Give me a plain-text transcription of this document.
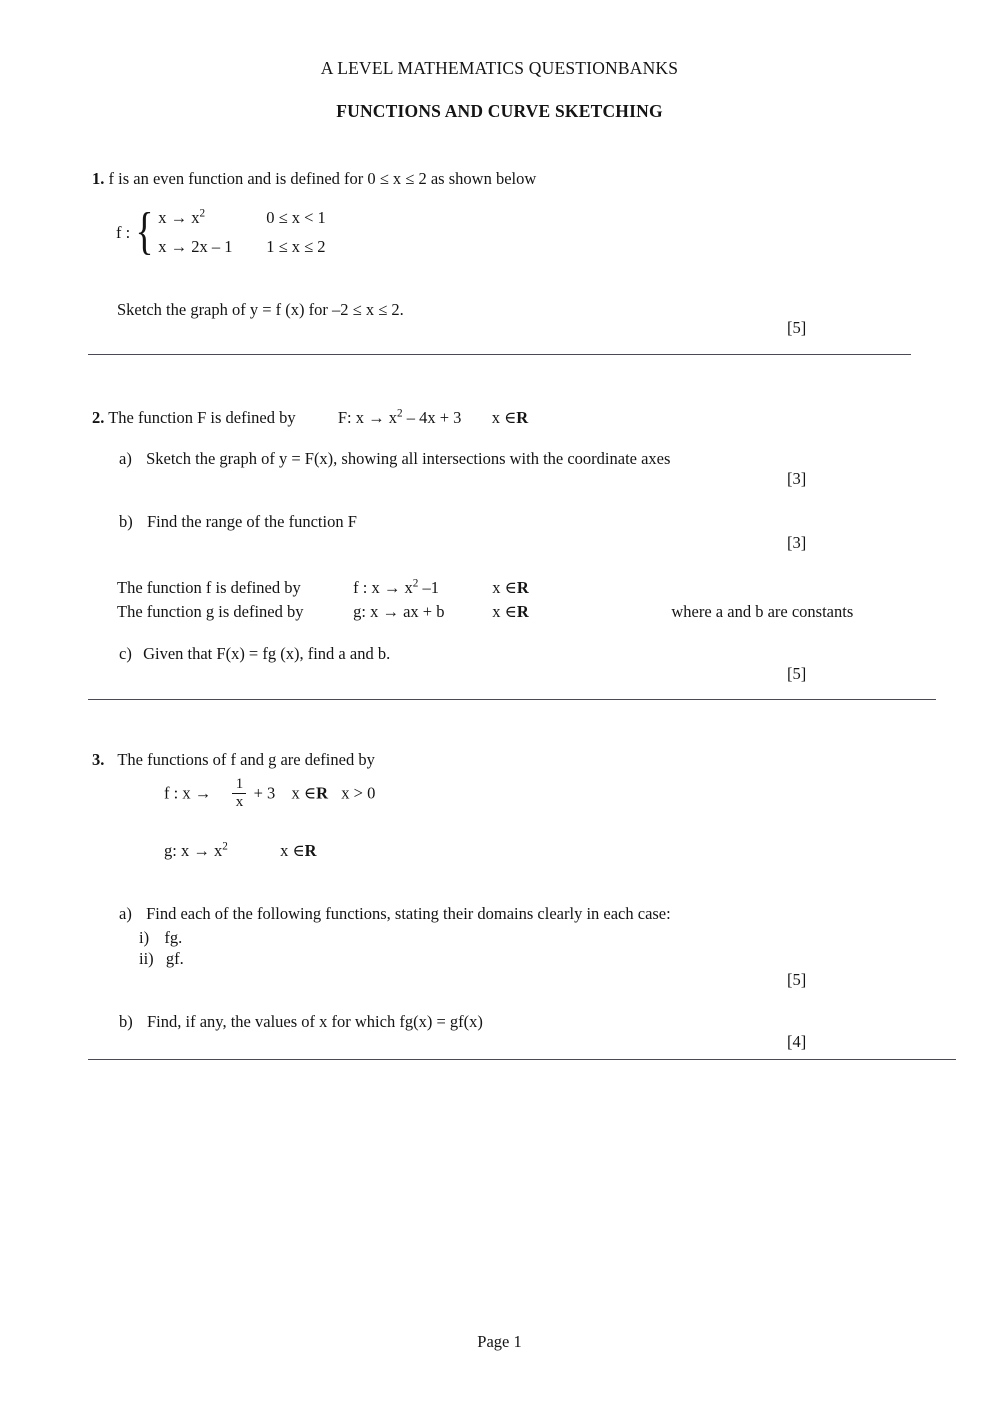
A LEVEL MATHEMATICS QUESTIONBANKS
FUNCTIONS AND CURVE SKETCHING
1. f is an even function and is defined for 0 ≤ x ≤ 2 as shown below
f : { $x \to x^2$	0 ≤ x < 1
x → 2x – 1	1 ≤ x ≤ 2
Sketch the graph of y = f (x) for –2 ≤ x ≤ 2.
[5]
2. The function F is defined by	F: $x \to x^2 - 4x + 3$ x ∈R
a) Sketch the graph of y = F(x), showing all intersections with the coordinate axes
[3]
b) Find the range of the function F
[3]
The function f is defined by	f : $x \to x^2$ –1	x ∈R
The function g is defined by	g: x → ax + b	x ∈R	where a and b are constants
c) Given that F(x) = fg (x), find a and b.
[5]
3. The functions of f and g are defined by
f : $x \to \frac{1}{x} + 3$ x ∈R x > 0
g: $x \to x^2$	x ∈R
a) Find each of the following functions, stating their domains clearly in each case:
i) fg.
ii) gf.
[5]
b) Find, if any, the values of x for which fg(x) = gf(x)
[4]
Page 1
